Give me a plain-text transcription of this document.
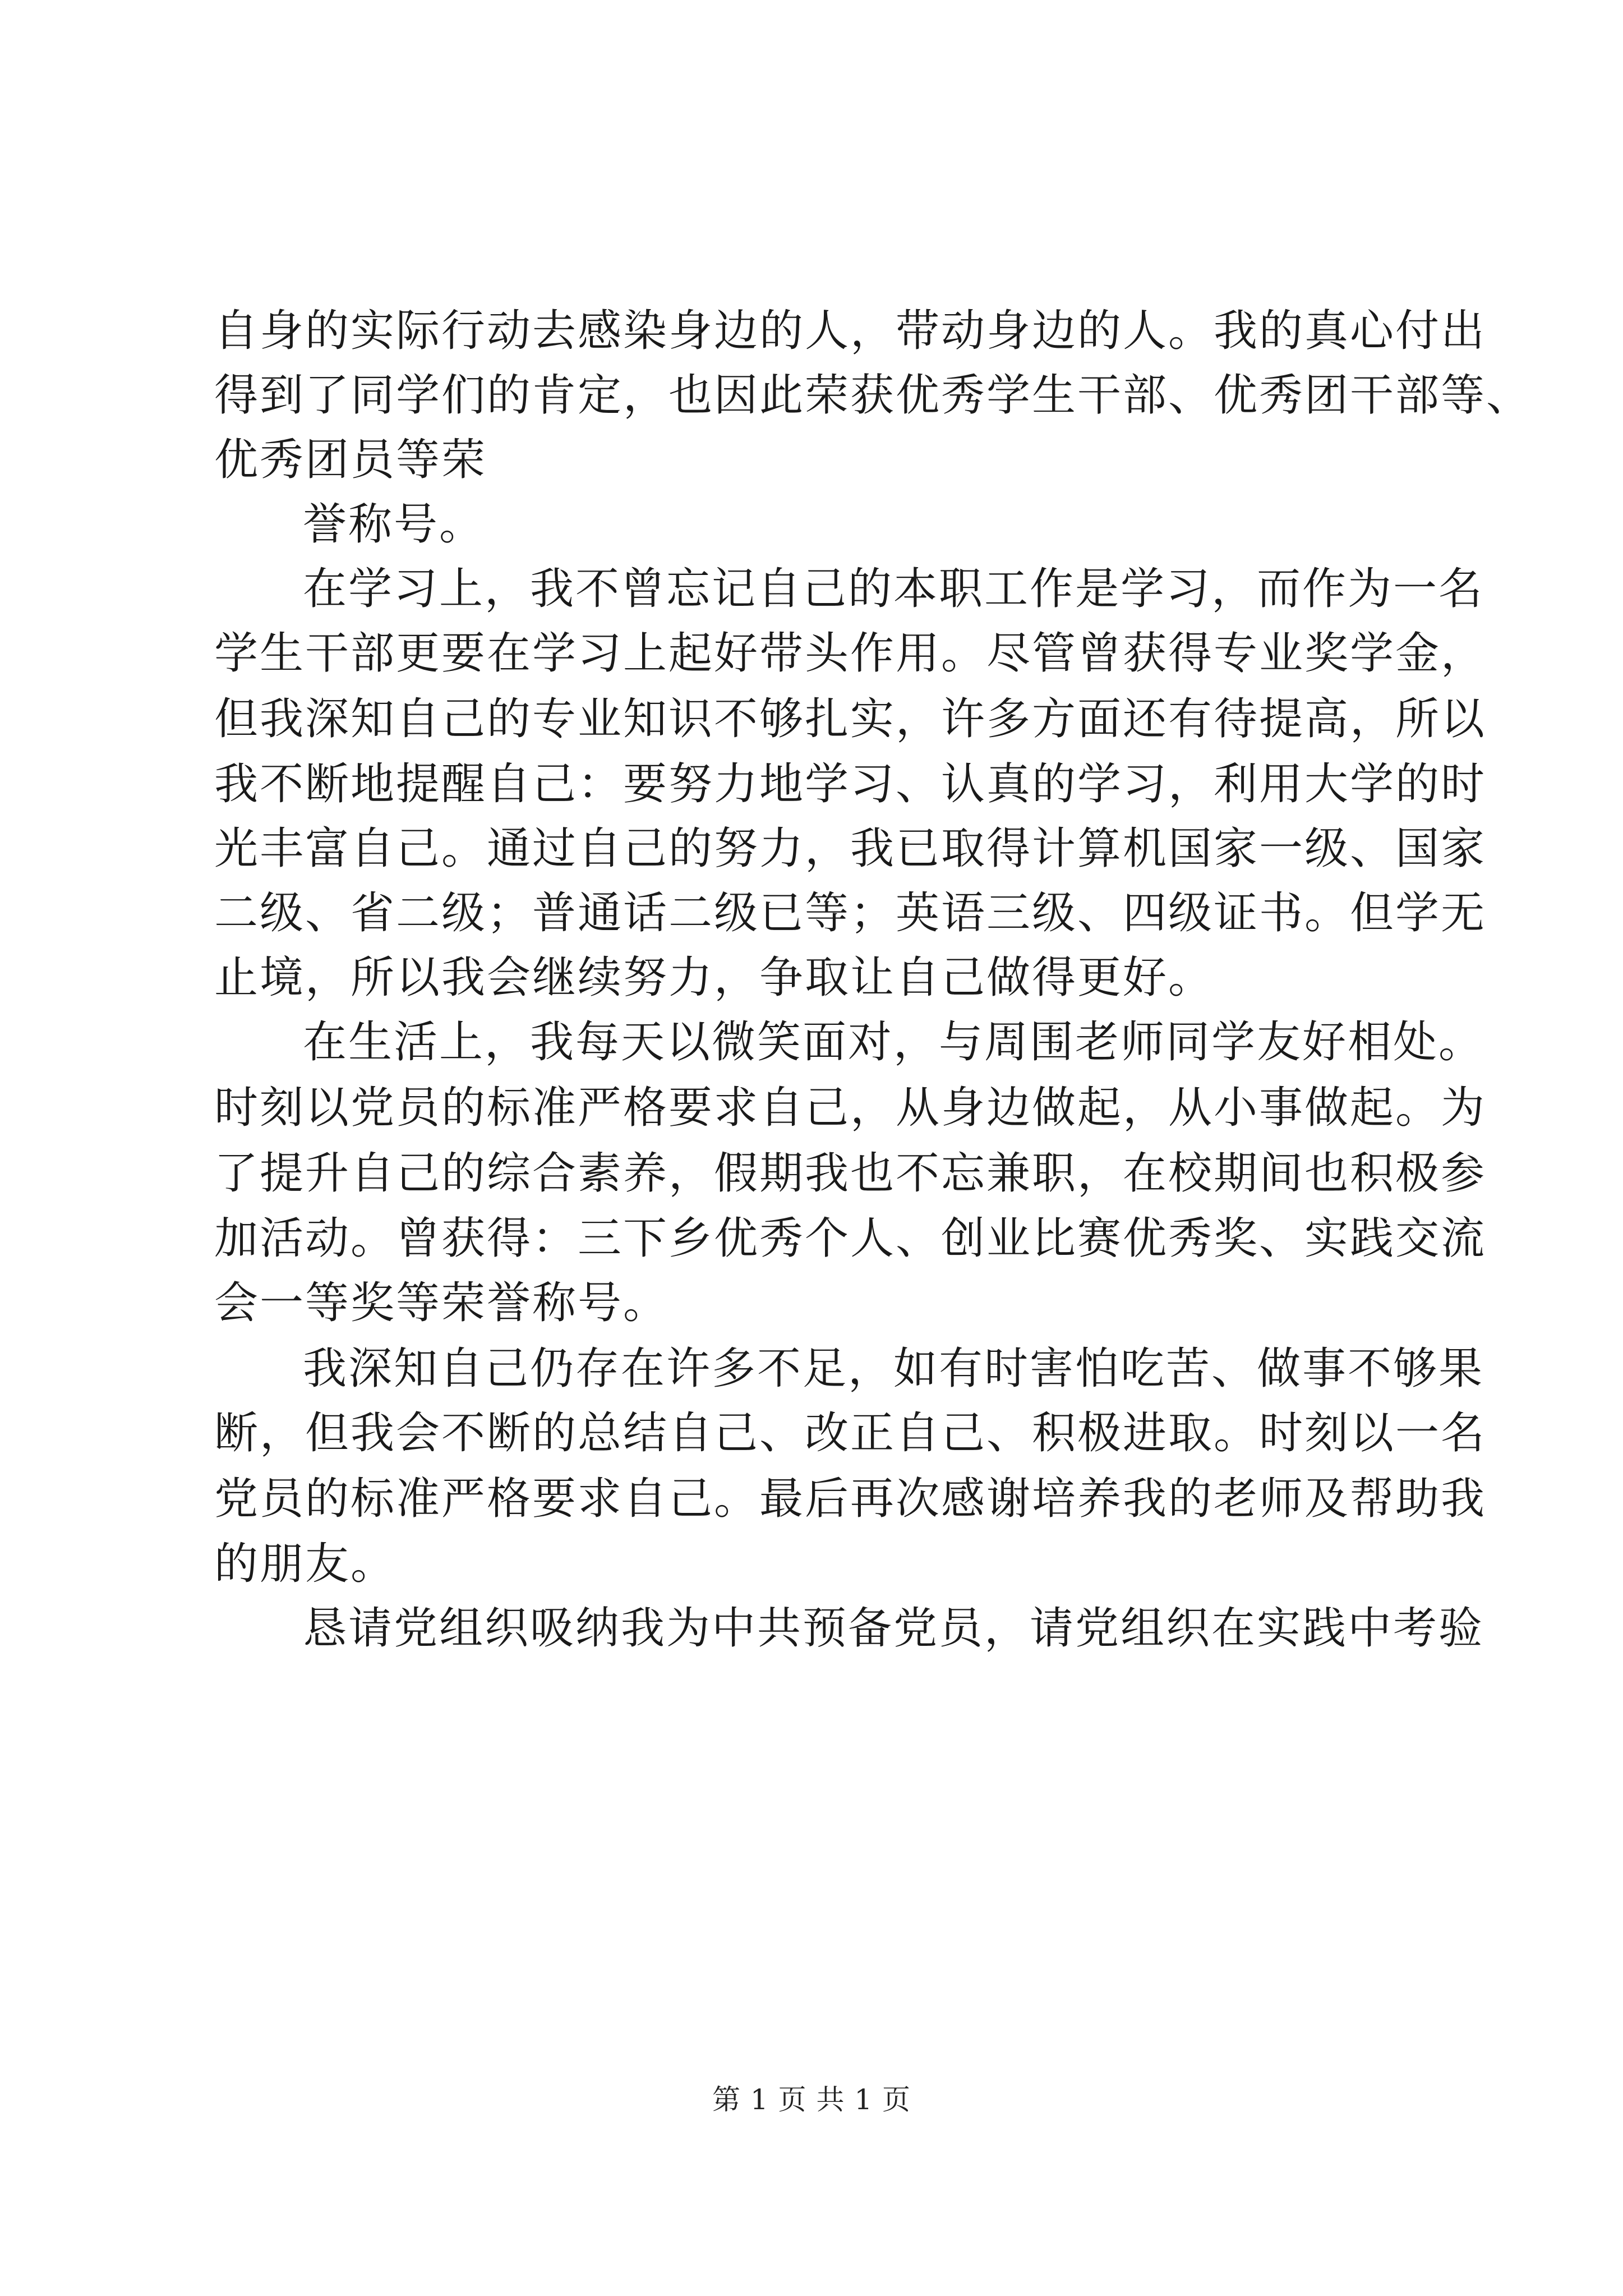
自身的实际行动去感染身边的人，带动身边的人。我的真心付出
得到了同学们的肯定，也因此荣获优秀学生干部、优秀团干部等、
优秀团员等荣
誉称号。
在学习上，我不曾忘记自己的本职工作是学习，而作为一名
学生干部更要在学习上起好带头作用。尽管曾获得专业奖学金，
但我深知自己的专业知识不够扎实，许多方面还有待提高，所以
我不断地提醒自己：要努力地学习、认真的学习，利用大学的时
光丰富自己。通过自己的努力，我已取得计算机国家一级、国家
二级、省二级；普通话二级已等；英语三级、四级证书。但学无
止境，所以我会继续努力，争取让自己做得更好。
在生活上，我每天以微笑面对，与周围老师同学友好相处。
时刻以党员的标准严格要求自己，从身边做起，从小事做起。为
了提升自己的综合素养，假期我也不忘兼职，在校期间也积极参
加活动。曾获得：三下乡优秀个人、创业比赛优秀奖、实践交流
会一等奖等荣誉称号。
我深知自己仍存在许多不足，如有时害怕吃苦、做事不够果
断，但我会不断的总结自己、改正自己、积极进取。时刻以一名
党员的标准严格要求自己。最后再次感谢培养我的老师及帮助我
的朋友。
恳请党组织吸纳我为中共预备党员，请党组织在实践中考验
第 1 页 共 1 页
